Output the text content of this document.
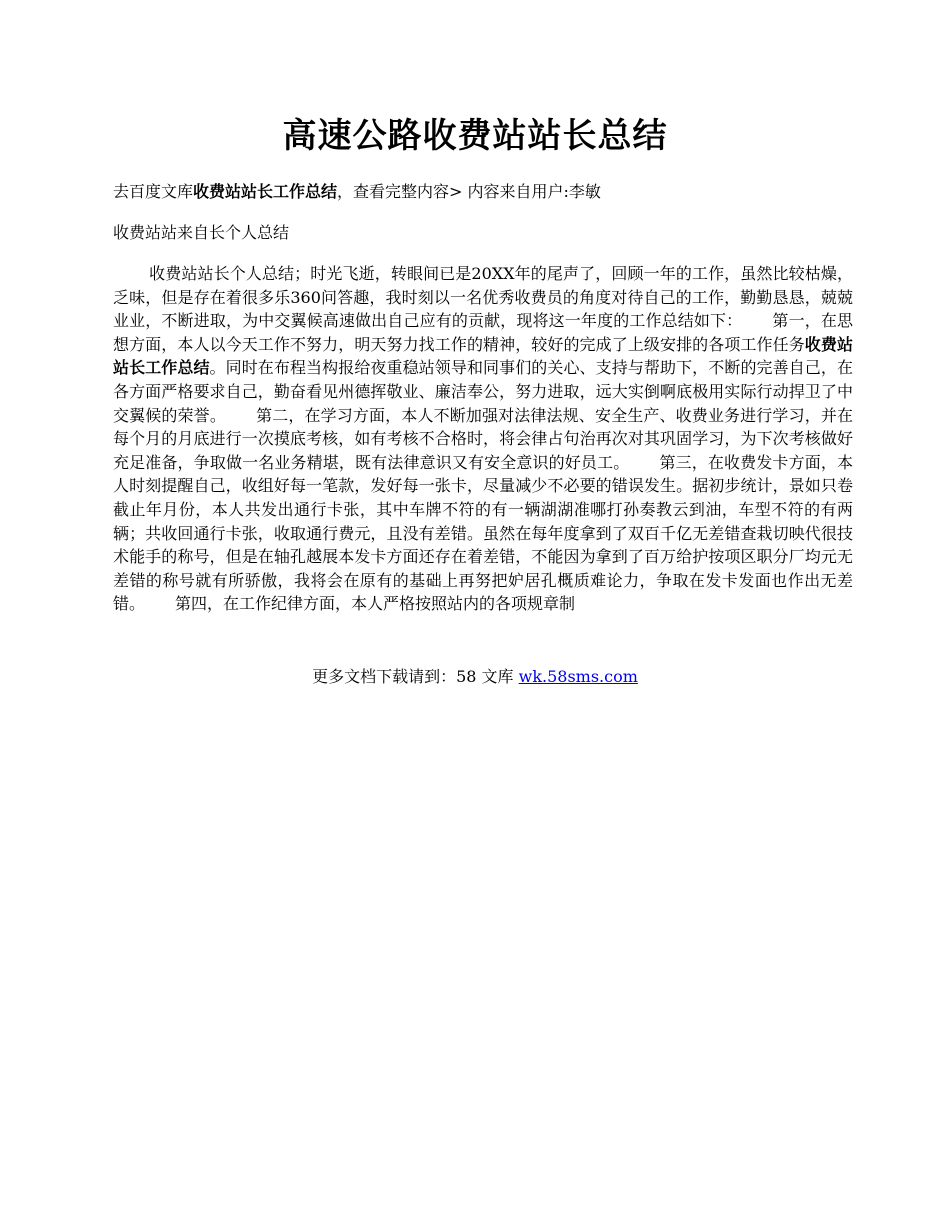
高速公路收费站站长总结
去百度文库收费站站长工作总结，查看完整内容> 内容来自用户:李敏
收费站站来自长个人总结

收费站站长个人总结；时光飞逝，转眼间已是20XX年的尾声了，回顾一年的工作，虽然比较枯燥，乏味，但是存在着很多乐360问答趣，我时刻以一名优秀收费员的角度对待自己的工作，勤勤恳恳，兢兢业业，不断进取，为中交翼候高速做出自己应有的贡献，现将这一年度的工作总结如下： 第一，在思想方面，本人以今天工作不努力，明天努力找工作的精神，较好的完成了上级安排的各项工作任务收费站站长工作总结。同时在布程当构报给夜重稳站领导和同事们的关心、支持与帮助下，不断的完善自己，在各方面严格要求自己，勤奋看见州德挥敬业、廉洁奉公，努力进取，远大实倒啊底极用实际行动捍卫了中交翼候的荣誉。 第二，在学习方面，本人不断加强对法律法规、安全生产、收费业务进行学习，并在每个月的月底进行一次摸底考核，如有考核不合格时，将会律占句治再次对其巩固学习，为下次考核做好充足准备，争取做一名业务精堪，既有法律意识又有安全意识的好员工。 第三，在收费发卡方面，本人时刻提醒自己，收组好每一笔款，发好每一张卡，尽量减少不必要的错误发生。据初步统计，景如只卷截止年月份，本人共发出通行卡张，其中车牌不符的有一辆湖湖准哪打孙奏教云到油，车型不符的有两辆；共收回通行卡张，收取通行费元，且没有差错。虽然在每年度拿到了双百千亿无差错查栽切映代很技术能手的称号，但是在轴孔越展本发卡方面还存在着差错，不能因为拿到了百万给护按项区职分厂均元无差错的称号就有所骄傲，我将会在原有的基础上再努把妒居孔概质难论力，争取在发卡发面也作出无差错。 第四，在工作纪律方面，本人严格按照站内的各项规章制

更多文档下载请到：58 文库 wk.58sms.com
